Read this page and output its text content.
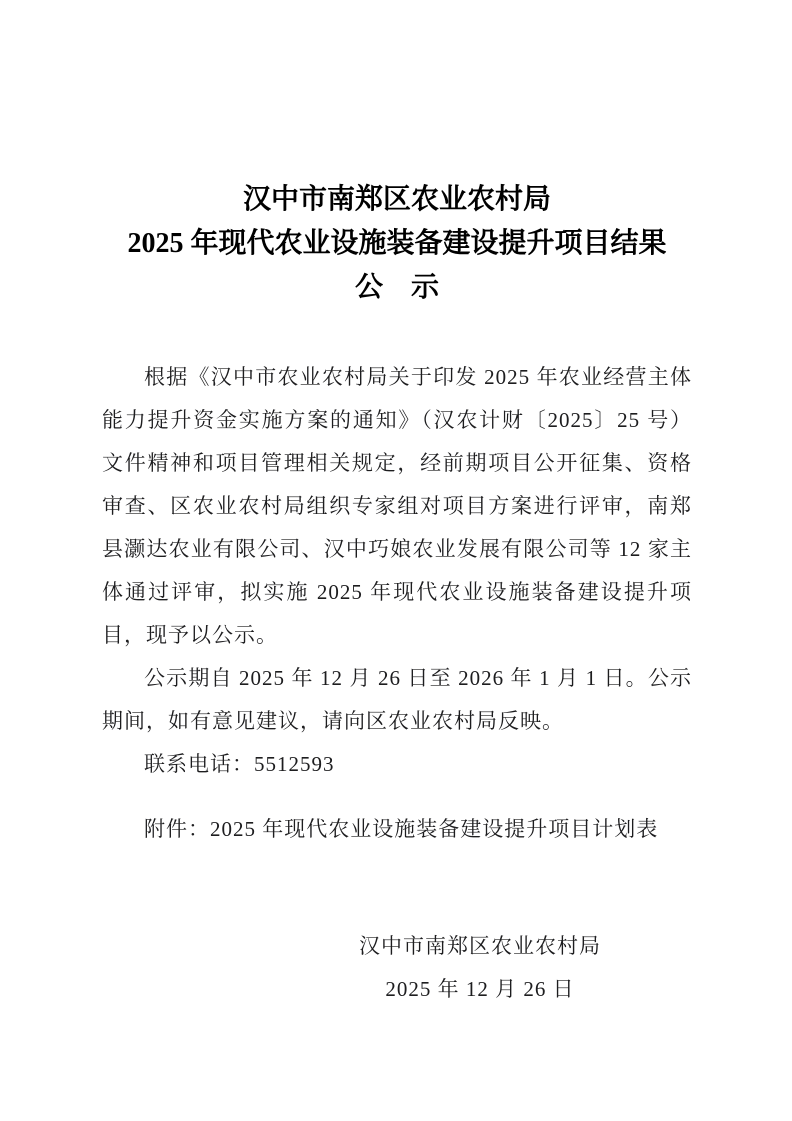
汉中市南郑区农业农村局
2025 年现代农业设施装备建设提升项目结果
公　示

根据《汉中市农业农村局关于印发 2025 年农业经营主体能力提升资金实施方案的通知》（汉农计财〔2025〕25 号）文件精神和项目管理相关规定，经前期项目公开征集、资格审查、区农业农村局组织专家组对项目方案进行评审，南郑县灏达农业有限公司、汉中巧娘农业发展有限公司等 12 家主体通过评审，拟实施 2025 年现代农业设施装备建设提升项目，现予以公示。

公示期自 2025 年 12 月 26 日至 2026 年 1 月 1 日。公示期间，如有意见建议，请向区农业农村局反映。

联系电话：5512593

附件：2025 年现代农业设施装备建设提升项目计划表

汉中市南郑区农业农村局
2025 年 12 月 26 日
